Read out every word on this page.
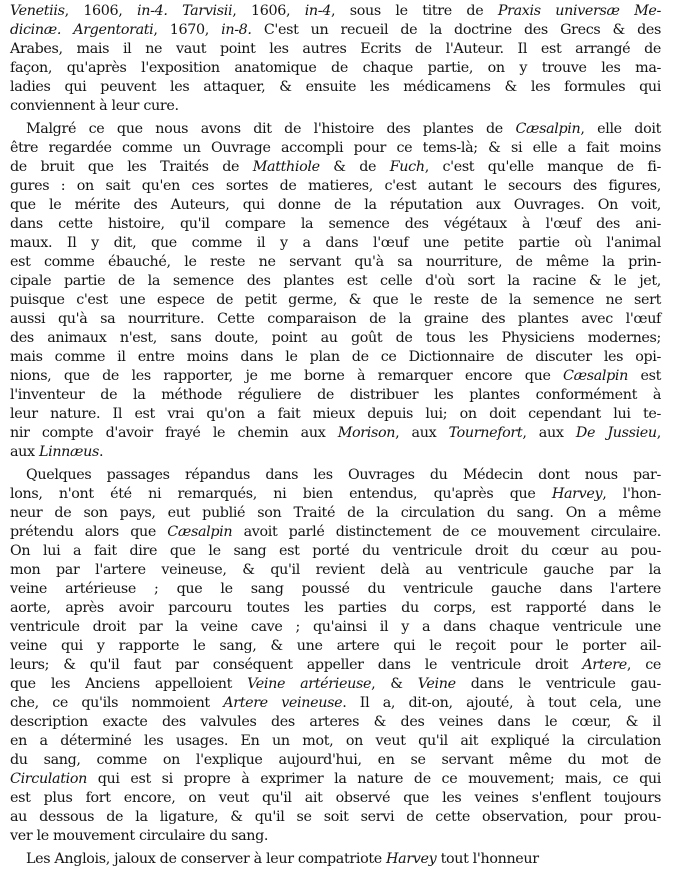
Venetiis, 1606, in-4. Tarvisii, 1606, in-4, sous le titre de Praxis universæ Me-
dicinæ. Argentorati, 1670, in-8. C'est un recueil de la doctrine des Grecs & des
Arabes, mais il ne vaut point les autres Ecrits de l'Auteur. Il est arrangé de
façon, qu'après l'exposition anatomique de chaque partie, on y trouve les ma-
ladies qui peuvent les attaquer, & ensuite les médicamens & les formules qui
conviennent à leur cure.
Malgré ce que nous avons dit de l'histoire des plantes de Cæsalpin, elle doit
être regardée comme un Ouvrage accompli pour ce tems-là; & si elle a fait moins
de bruit que les Traités de Matthiole & de Fuch, c'est qu'elle manque de fi-
gures : on sait qu'en ces sortes de matieres, c'est autant le secours des figures,
que le mérite des Auteurs, qui donne de la réputation aux Ouvrages. On voit,
dans cette histoire, qu'il compare la semence des végétaux à l'œuf des ani-
maux. Il y dit, que comme il y a dans l'œuf une petite partie où l'animal
est comme ébauché, le reste ne servant qu'à sa nourriture, de même la prin-
cipale partie de la semence des plantes est celle d'où sort la racine & le jet,
puisque c'est une espece de petit germe, & que le reste de la semence ne sert
aussi qu'à sa nourriture. Cette comparaison de la graine des plantes avec l'œuf
des animaux n'est, sans doute, point au goût de tous les Physiciens modernes;
mais comme il entre moins dans le plan de ce Dictionnaire de discuter les opi-
nions, que de les rapporter, je me borne à remarquer encore que Cæsalpin est
l'inventeur de la méthode réguliere de distribuer les plantes conformément à
leur nature. Il est vrai qu'on a fait mieux depuis lui; on doit cependant lui te-
nir compte d'avoir frayé le chemin aux Morison, aux Tournefort, aux De Jussieu,
aux Linnæus.
Quelques passages répandus dans les Ouvrages du Médecin dont nous par-
lons, n'ont été ni remarqués, ni bien entendus, qu'après que Harvey, l'hon-
neur de son pays, eut publié son Traité de la circulation du sang. On a même
prétendu alors que Cæsalpin avoit parlé distinctement de ce mouvement circulaire.
On lui a fait dire que le sang est porté du ventricule droit du cœur au pou-
mon par l'artere veineuse, & qu'il revient delà au ventricule gauche par la
veine artérieuse ; que le sang poussé du ventricule gauche dans l'artere
aorte, après avoir parcouru toutes les parties du corps, est rapporté dans le
ventricule droit par la veine cave ; qu'ainsi il y a dans chaque ventricule une
veine qui y rapporte le sang, & une artere qui le reçoit pour le porter ail-
leurs; & qu'il faut par conséquent appeller dans le ventricule droit Artere, ce
que les Anciens appelloient Veine artérieuse, & Veine dans le ventricule gau-
che, ce qu'ils nommoient Artere veineuse. Il a, dit-on, ajouté, à tout cela, une
description exacte des valvules des arteres & des veines dans le cœur, & il
en a déterminé les usages. En un mot, on veut qu'il ait expliqué la circulation
du sang, comme on l'explique aujourd'hui, en se servant même du mot de
Circulation qui est si propre à exprimer la nature de ce mouvement; mais, ce qui
est plus fort encore, on veut qu'il ait observé que les veines s'enflent toujours
au dessous de la ligature, & qu'il se soit servi de cette observation, pour prou-
ver le mouvement circulaire du sang.
Les Anglois, jaloux de conserver à leur compatriote Harvey tout l'honneur
